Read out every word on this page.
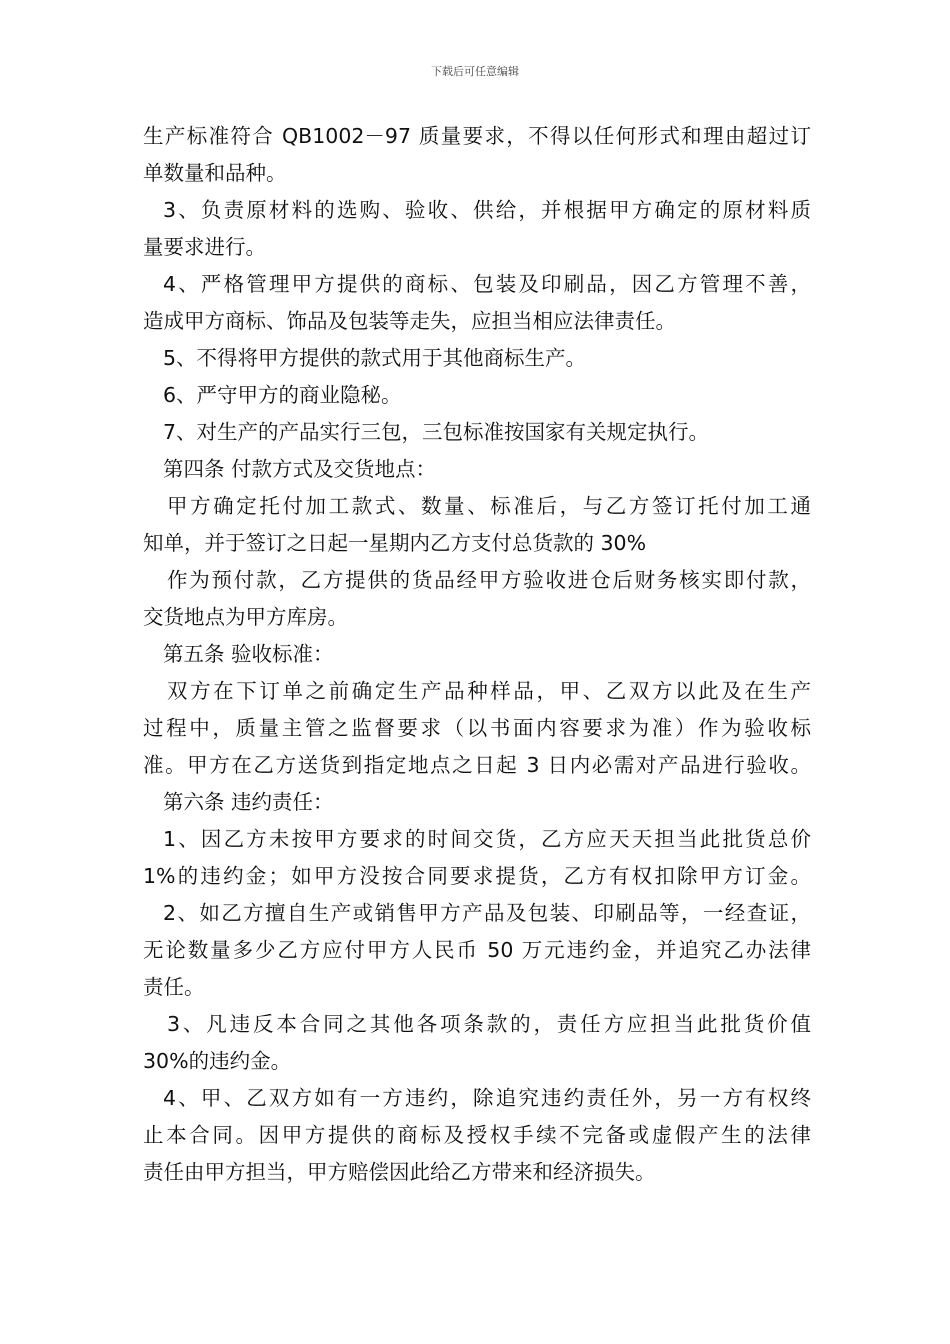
下载后可任意编辑
生产标准符合 QB1002－97 质量要求，不得以任何形式和理由超过订
单数量和品种。
3、负责原材料的选购、验收、供给，并根据甲方确定的原材料质
量要求进行。
4、严格管理甲方提供的商标、包装及印刷品，因乙方管理不善，
造成甲方商标、饰品及包装等走失，应担当相应法律责任。
5、不得将甲方提供的款式用于其他商标生产。
6、严守甲方的商业隐秘。
7、对生产的产品实行三包，三包标准按国家有关规定执行。
第四条 付款方式及交货地点：
甲方确定托付加工款式、数量、标准后，与乙方签订托付加工通
知单，并于签订之日起一星期内乙方支付总货款的 30%
作为预付款，乙方提供的货品经甲方验收进仓后财务核实即付款，
交货地点为甲方库房。
第五条 验收标准：
双方在下订单之前确定生产品种样品，甲、乙双方以此及在生产
过程中，质量主管之监督要求（以书面内容要求为准）作为验收标
准。甲方在乙方送货到指定地点之日起 3 日内必需对产品进行验收。
第六条 违约责任：
1、因乙方未按甲方要求的时间交货，乙方应天天担当此批货总价
1%的违约金；如甲方没按合同要求提货，乙方有权扣除甲方订金。
2、如乙方擅自生产或销售甲方产品及包装、印刷品等，一经查证，
无论数量多少乙方应付甲方人民币 50 万元违约金，并追究乙办法律
责任。
3、凡违反本合同之其他各项条款的，责任方应担当此批货价值
30%的违约金。
4、甲、乙双方如有一方违约，除追究违约责任外，另一方有权终
止本合同。因甲方提供的商标及授权手续不完备或虚假产生的法律
责任由甲方担当，甲方赔偿因此给乙方带来和经济损失。
